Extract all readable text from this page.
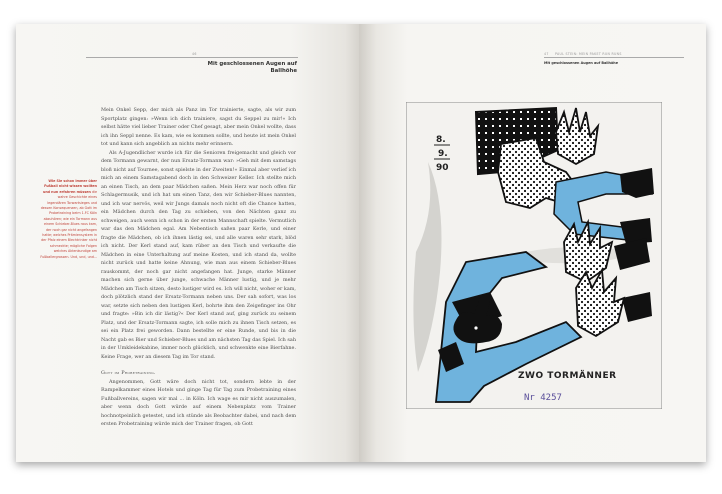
46
Mit geschlossenen Augen auf Ballhöhe
Wie Sie schon immer über Fußball nicht wissen wollten und nun erfahren müssen die wahre Geschichte eines legendären Torwartsieges und dessen Konsequenzen, ab Gott im Probetraining beim 1.FC Köln abzuhören; wie ein Tormann aus einem Schieber-Blues raus kam, der noch gar nicht angefangen hatte; welches Prämiensystem in der Pfalz einem Blechtrinker nicht schmeckte; mögliche Folgen welches Aktenkundige am Fußballergrossen. Und, und, und...

Mein Onkel Sepp, der mich als Panz im Tor trainierte, sagte, als wir zum Sportplatz gingen: »Wenn ich dich trainiere, sagst du Seppel zu mir!« Ich selbst hätte viel lieber Trainer oder Chef gesagt, aber mein Onkel wollte, dass ich ihn Seppl nenne. Es kam, wie es kommen sollte, und heute ist mein Onkel tot und kann sich angeblich an nichts mehr erinnern.

Als A-Jugendlicher wurde ich für die Senioren freigemacht und gleich vor dem Tormann gewarnt, der nun Ersatz-Tormann war: »Geh mit dem samstags bloß nicht auf Tournee, sonst spielste in der Zweiten!« Einmal aber verlief ich mich an einem Samstagabend doch in den Schweizer Keller. Ich stellte mich an einen Tisch, an dem paar Mädchen saßen. Mein Herz war noch offen für Schlagermusik, und ich hat um einen Tanz, den wir Schieber-Blues nannten, und ich war nervös, weil wir Jungs damals noch nicht oft die Chance hatten, ein Mädchen durch den Tag zu schieben, von den Nächten ganz zu schweigen, auch wenn ich schon in der ersten Mannschaft spielte. Vermutlich war das den Mädchen egal. Am Nebentisch saßen paar Kerle, und einer fragte die Mädchen, ob ich ihnen lästig sei, und alle waren sehr stark, blöd ich nicht. Der Kerl stand auf, kam rüber an den Tisch und verkaufte die Mädchen in eine Unterhaltung auf meine Kosten, und ich stand da, wollte nicht zurück und hatte keine Ahnung, wie man aus einem Schieber-Blues rauskommt, der noch gar nicht angefangen hat. Junge, starke Männer machen sich gerne über junge, schwache Männer lustig, und je mehr Mädchen am Tisch sitzen, desto lustiger wird es. Ich will nicht, woher er kam, doch plötzlich stand der Ersatz-Tormann neben uns. Der sah sofort, was los war, setzte sich neben den lustigen Kerl, bohrte ihm den Zeigefinger ins Ohr und fragte: »Bin ich dir lästig?« Der Kerl stand auf, ging zurück zu seinem Platz, und der Ersatz-Tormann sagte, ich solle mich zu ihnen Tisch setzen, es sei ein Platz frei geworden. Dann bestellte er eine Runde, und bis in die Nacht gab es Bier und Schieber-Blues und am nächsten Tag das Spiel. Ich sah in der Umkleidekabine, immer noch glücklich, und schwenkte eine Bierfahne. Keine Frage, wer an diesem Tag im Tor stand.

Gott im Probetraining.

Angenommen, Gott wäre doch nicht tot, sondern lebte in der Rampelkammer eines Hotels und ginge Tag für Tag zum Probetraining eines Fußballvereins, sagen wir mal ... in Köln. Ich wage es mir nicht auszumalen, aber wenn doch Gott würde auf einem Nebenplatz vom Trainer hochnotpeinlich getestet, und ich stünde als Beobachter dabei, und nach dem ersten Probetraining würde mich der Trainer fragen, ob Gott

47 PAUL STEIN: MEIN PAKET RUN RUNS
Mit geschlossenen Augen auf Ballhöhe
8.
9.
90
ZWO TORMÄNNER
Nr 4257
